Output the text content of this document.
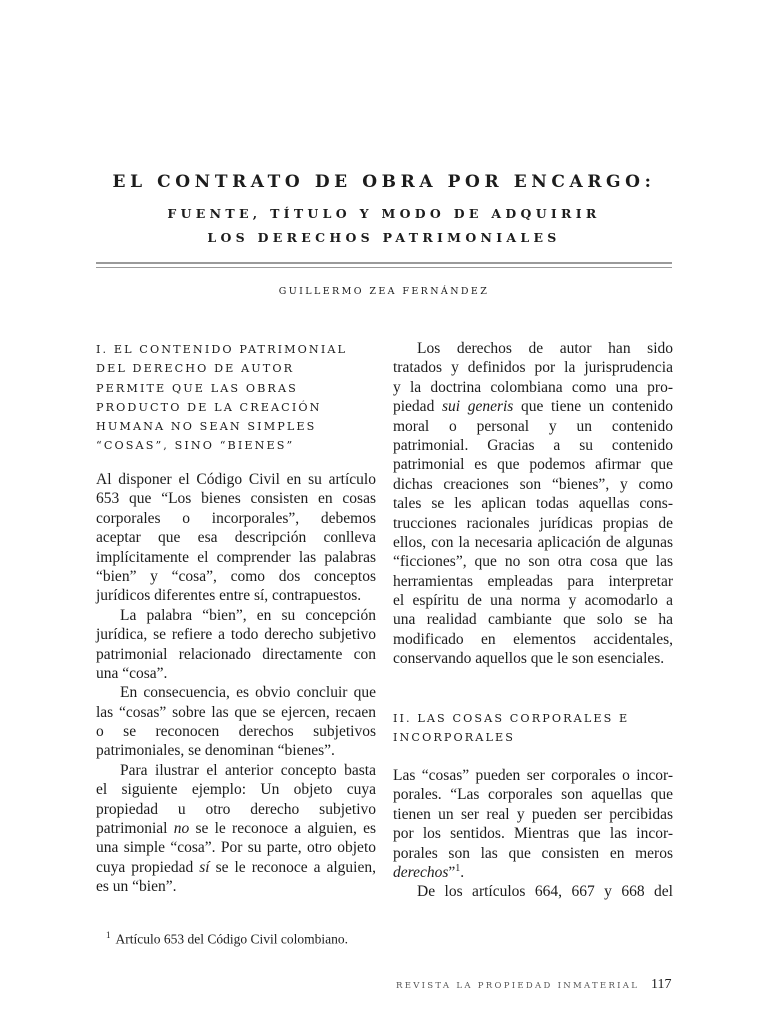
EL CONTRATO DE OBRA POR ENCARGO:
FUENTE, TÍTULO Y MODO DE ADQUIRIR
LOS DERECHOS PATRIMONIALES
GUILLERMO ZEA FERNÁNDEZ
I. EL CONTENIDO PATRIMONIAL
DEL DERECHO DE AUTOR
PERMITE QUE LAS OBRAS
PRODUCTO DE LA CREACIÓN
HUMANA NO SEAN SIMPLES
“COSAS”, SINO “BIENES”
Al disponer el Código Civil en su artículo
653 que “Los bienes consisten en cosas
corporales o incorporales”, debemos
aceptar que esa descripción conlleva
implícitamente el comprender las palabras
“bien” y “cosa”, como dos conceptos
jurídicos diferentes entre sí, contrapuestos.
La palabra “bien”, en su concepción
jurídica, se refiere a todo derecho subjetivo
patrimonial relacionado directamente con
una “cosa”.
En consecuencia, es obvio concluir que
las “cosas” sobre las que se ejercen, recaen
o se reconocen derechos subjetivos
patrimoniales, se denominan “bienes”.
Para ilustrar el anterior concepto basta
el siguiente ejemplo: Un objeto cuya
propiedad u otro derecho subjetivo
patrimonial no se le reconoce a alguien, es
una simple “cosa”. Por su parte, otro objeto
cuya propiedad sí se le reconoce a alguien,
es un “bien”.
Los derechos de autor han sido
tratados y definidos por la jurisprudencia
y la doctrina colombiana como una pro-
piedad sui generis que tiene un contenido
moral o personal y un contenido
patrimonial. Gracias a su contenido
patrimonial es que podemos afirmar que
dichas creaciones son “bienes”, y como
tales se les aplican todas aquellas cons-
trucciones racionales jurídicas propias de
ellos, con la necesaria aplicación de algunas
“ficciones”, que no son otra cosa que las
herramientas empleadas para interpretar
el espíritu de una norma y acomodarlo a
una realidad cambiante que solo se ha
modificado en elementos accidentales,
conservando aquellos que le son esenciales.
II. LAS COSAS CORPORALES E
INCORPORALES
Las “cosas” pueden ser corporales o incor-
porales. “Las corporales son aquellas que
tienen un ser real y pueden ser percibidas
por los sentidos. Mientras que las incor-
porales son las que consisten en meros
derechos”$^1$.
De los artículos 664, 667 y 668 del
$^1$ Artículo 653 del Código Civil colombiano.
REVISTA LA PROPIEDAD INMATERIAL 117
